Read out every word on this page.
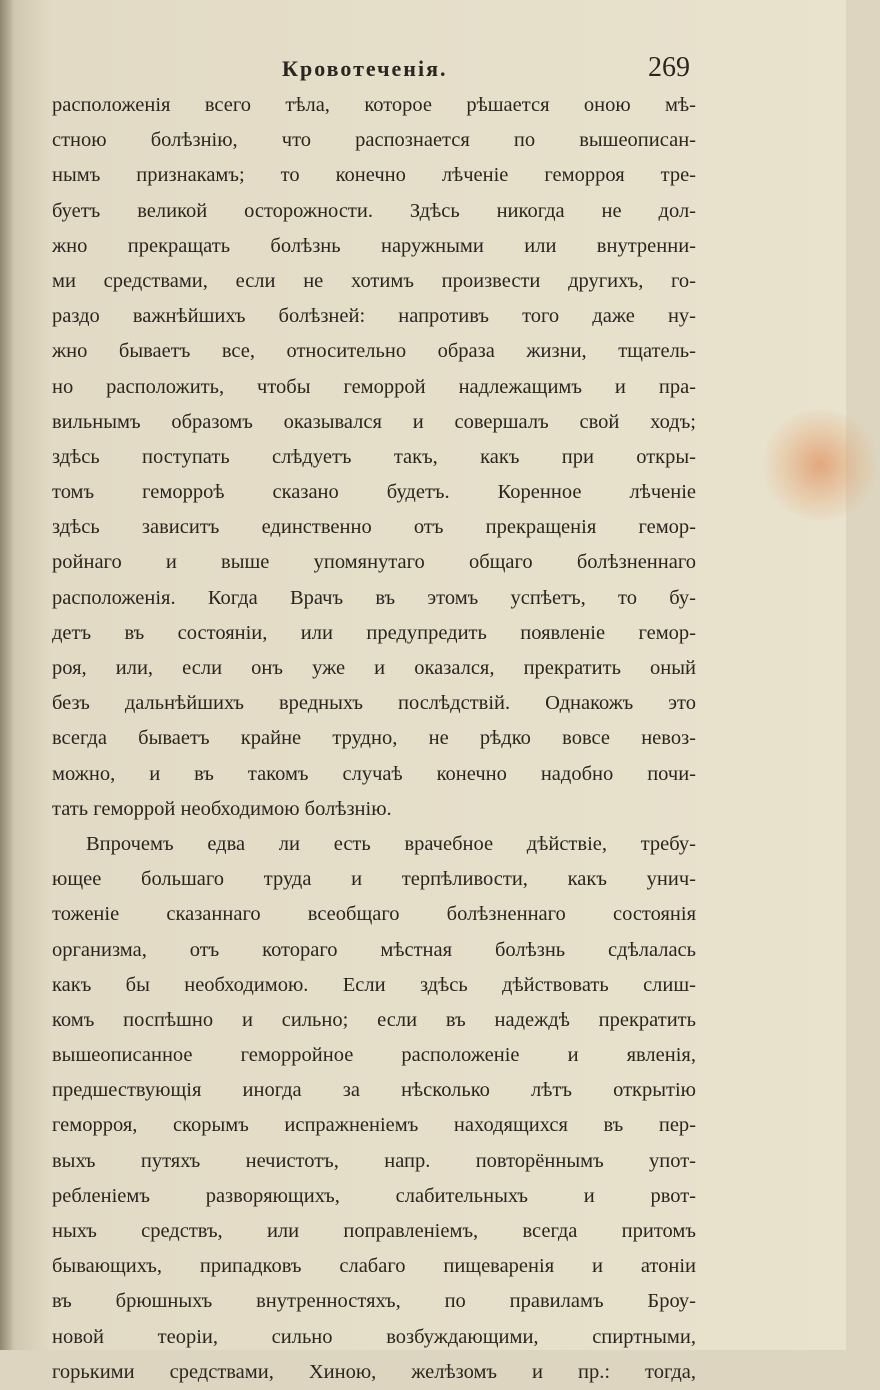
Кровотеченія.	269
расположенія всего тѣла, которое рѣшается оною мѣ-
стною болѣзнію, что распознается по вышеописан-
нымъ признакамъ; то конечно лѣченіе геморроя тре-
буетъ великой осторожности. Здѣсь никогда не дол-
жно прекращать болѣзнь наружными или внутренни-
ми средствами, если не хотимъ произвести другихъ, го-
раздо важнѣйшихъ болѣзней: напротивъ того даже ну-
жно бываетъ все, относительно образа жизни, тщатель-
но расположить, чтобы геморрой надлежащимъ и пра-
вильнымъ образомъ оказывался и совершалъ свой ходъ;
здѣсь поступать слѣдуетъ такъ, какъ при откры-
томъ геморроѣ сказано будетъ. Коренное лѣченіе
здѣсь зависитъ единственно отъ прекращенія гемор-
ройнаго и выше упомянутаго общаго болѣзненнаго
расположенія. Когда Врачъ въ этомъ успѣетъ, то бу-
детъ въ состояніи, или предупредить появленіе гемор-
роя, или, если онъ уже и оказался, прекратить оный
безъ дальнѣйшихъ вредныхъ послѣдствій. Однакожъ это
всегда бываетъ крайне трудно, не рѣдко вовсе невоз-
можно, и въ такомъ случаѣ конечно надобно почи-
тать геморрой необходимою болѣзнію.
Впрочемъ едва ли есть врачебное дѣйствіе, требу-
ющее большаго труда и терпѣливости, какъ унич-
тоженіе сказаннаго всеобщаго болѣзненнаго состоянія
организма, отъ котораго мѣстная болѣзнь сдѣлалась
какъ бы необходимою. Если здѣсь дѣйствовать слиш-
комъ поспѣшно и сильно; если въ надеждѣ прекратить
вышеописанное геморройное расположеніе и явленія,
предшествующія иногда за нѣсколько лѣтъ открытію
геморроя, скорымъ испражненіемъ находящихся въ пер-
выхъ путяхъ нечистотъ, напр. повторённымъ упот-
ребленіемъ разворяющихъ, слабительныхъ и рвот-
ныхъ средствъ, или поправленіемъ, всегда притомъ
бывающихъ, припадковъ слабаго пищеваренія и атоніи
въ брюшныхъ внутренностяхъ, по правиламъ Броу-
новой теоріи, сильно возбуждающими, спиртными,
горькими средствами, Хиною, желѣзомъ и пр.: тогда,
